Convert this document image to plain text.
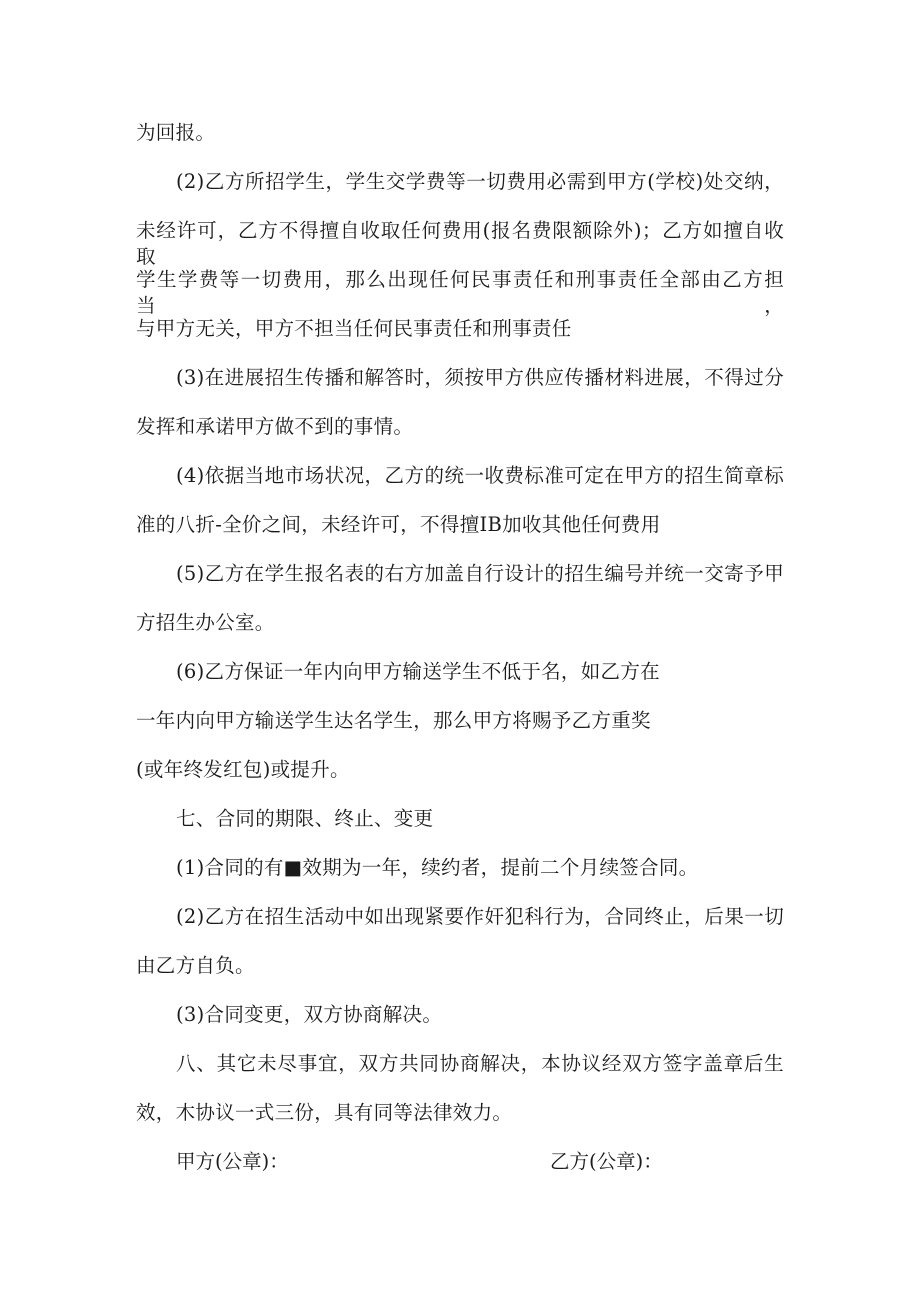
为回报。
(2)乙方所招学生，学生交学费等一切费用必需到甲方(学校)处交纳，
未经许可，乙方不得擅自收取任何费用(报名费限额除外)；乙方如擅自收取
学生学费等一切费用，那么出现任何民事责任和刑事责任全部由乙方担当，
与甲方无关，甲方不担当任何民事责任和刑事责任
(3)在进展招生传播和解答时，须按甲方供应传播材料进展，不得过分
发挥和承诺甲方做不到的事情。
(4)依据当地市场状况，乙方的统一收费标准可定在甲方的招生简章标
准的八折-全价之间，未经许可，不得擅IB加收其他任何费用
(5)乙方在学生报名表的右方加盖自行设计的招生编号并统一交寄予甲
方招生办公室。
(6)乙方保证一年内向甲方输送学生不低于名，如乙方在
一年内向甲方输送学生达名学生，那么甲方将赐予乙方重奖
(或年终发红包)或提升。
七、合同的期限、终止、变更
(1)合同的有■效期为一年，续约者，提前二个月续签合同。
(2)乙方在招生活动中如出现紧要作奸犯科行为，合同终止，后果一切
由乙方自负。
(3)合同变更，双方协商解决。
八、其它未尽事宜，双方共同协商解决，本协议经双方签字盖章后生
效，木协议一式三份，具有同等法律效力。
甲方(公章)：	乙方(公章)：
